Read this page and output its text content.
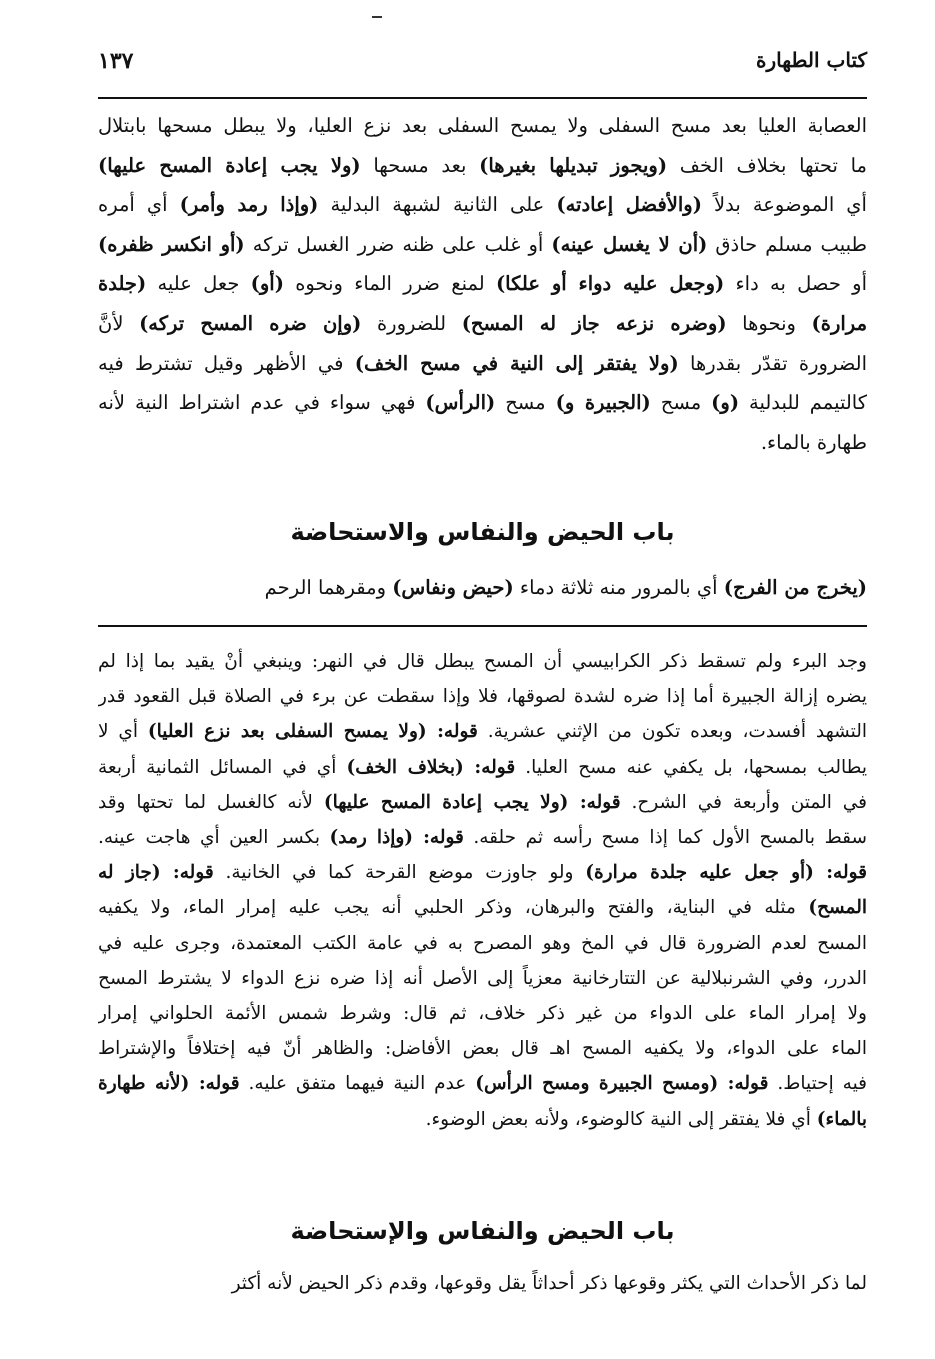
كتاب الطهارة
١٣٧
العصابة العليا بعد مسح السفلى ولا يمسح السفلى بعد نزع العليا، ولا يبطل مسحها بابتلال
ما تحتها بخلاف الخف (ويجوز تبديلها بغيرها) بعد مسحها (ولا يجب إعادة المسح عليها)
أي الموضوعة بدلاً (والأفضل إعادته) على الثانية لشبهة البدلية (وإذا رمد وأمر) أي أمره
طبيب مسلم حاذق (أن لا يغسل عينه) أو غلب على ظنه ضرر الغسل تركه (أو انكسر ظفره)
أو حصل به داء (وجعل عليه دواء أو علكا) لمنع ضرر الماء ونحوه (أو) جعل عليه (جلدة
مرارة) ونحوها (وضره نزعه جاز له المسح) للضرورة (وإن ضره المسح تركه) لأنَّ
الضرورة تقدّر بقدرها (ولا يفتقر إلى النية في مسح الخف) في الأظهر وقيل تشترط فيه
كالتيمم للبدلية (و) مسح (الجبيرة و) مسح (الرأس) فهي سواء في عدم اشتراط النية لأنه
طهارة بالماء.
باب الحيض والنفاس والاستحاضة
(يخرج من الفرج) أي بالمرور منه ثلاثة دماء (حيض ونفاس) ومقرهما الرحم
وجد البرء ولم تسقط ذكر الكرابيسي أن المسح يبطل قال في النهر: وينبغي أنْ يقيد بما إذا لم
يضره إزالة الجبيرة أما إذا ضره لشدة لصوقها، فلا وإذا سقطت عن برء في الصلاة قبل القعود قدر
التشهد أفسدت، وبعده تكون من الإثني عشرية. قوله: (ولا يمسح السفلى بعد نزع العليا) أي لا
يطالب بمسحها، بل يكفي عنه مسح العليا. قوله: (بخلاف الخف) أي في المسائل الثمانية أربعة
في المتن وأربعة في الشرح. قوله: (ولا يجب إعادة المسح عليها) لأنه كالغسل لما تحتها وقد
سقط بالمسح الأول كما إذا مسح رأسه ثم حلقه. قوله: (وإذا رمد) بكسر العين أي هاجت عينه.
قوله: (أو جعل عليه جلدة مرارة) ولو جاوزت موضع القرحة كما في الخانية. قوله: (جاز له
المسح) مثله في البناية، والفتح والبرهان، وذكر الحلبي أنه يجب عليه إمرار الماء، ولا يكفيه
المسح لعدم الضرورة قال في المخ وهو المصرح به في عامة الكتب المعتمدة، وجرى عليه في
الدرر، وفي الشرنبلالية عن التتارخانية معزياً إلى الأصل أنه إذا ضره نزع الدواء لا يشترط المسح
ولا إمرار الماء على الدواء من غير ذكر خلاف، ثم قال: وشرط شمس الأئمة الحلواني إمرار
الماء على الدواء، ولا يكفيه المسح اهـ قال بعض الأفاضل: والظاهر أنّ فيه إختلافاً والإشتراط
فيه إحتياط. قوله: (ومسح الجبيرة ومسح الرأس) عدم النية فيهما متفق عليه. قوله: (لأنه طهارة
بالماء) أي فلا يفتقر إلى النية كالوضوء، ولأنه بعض الوضوء.
باب الحيض والنفاس والإستحاضة
لما ذكر الأحداث التي يكثر وقوعها ذكر أحداثاً يقل وقوعها، وقدم ذكر الحيض لأنه أكثر
